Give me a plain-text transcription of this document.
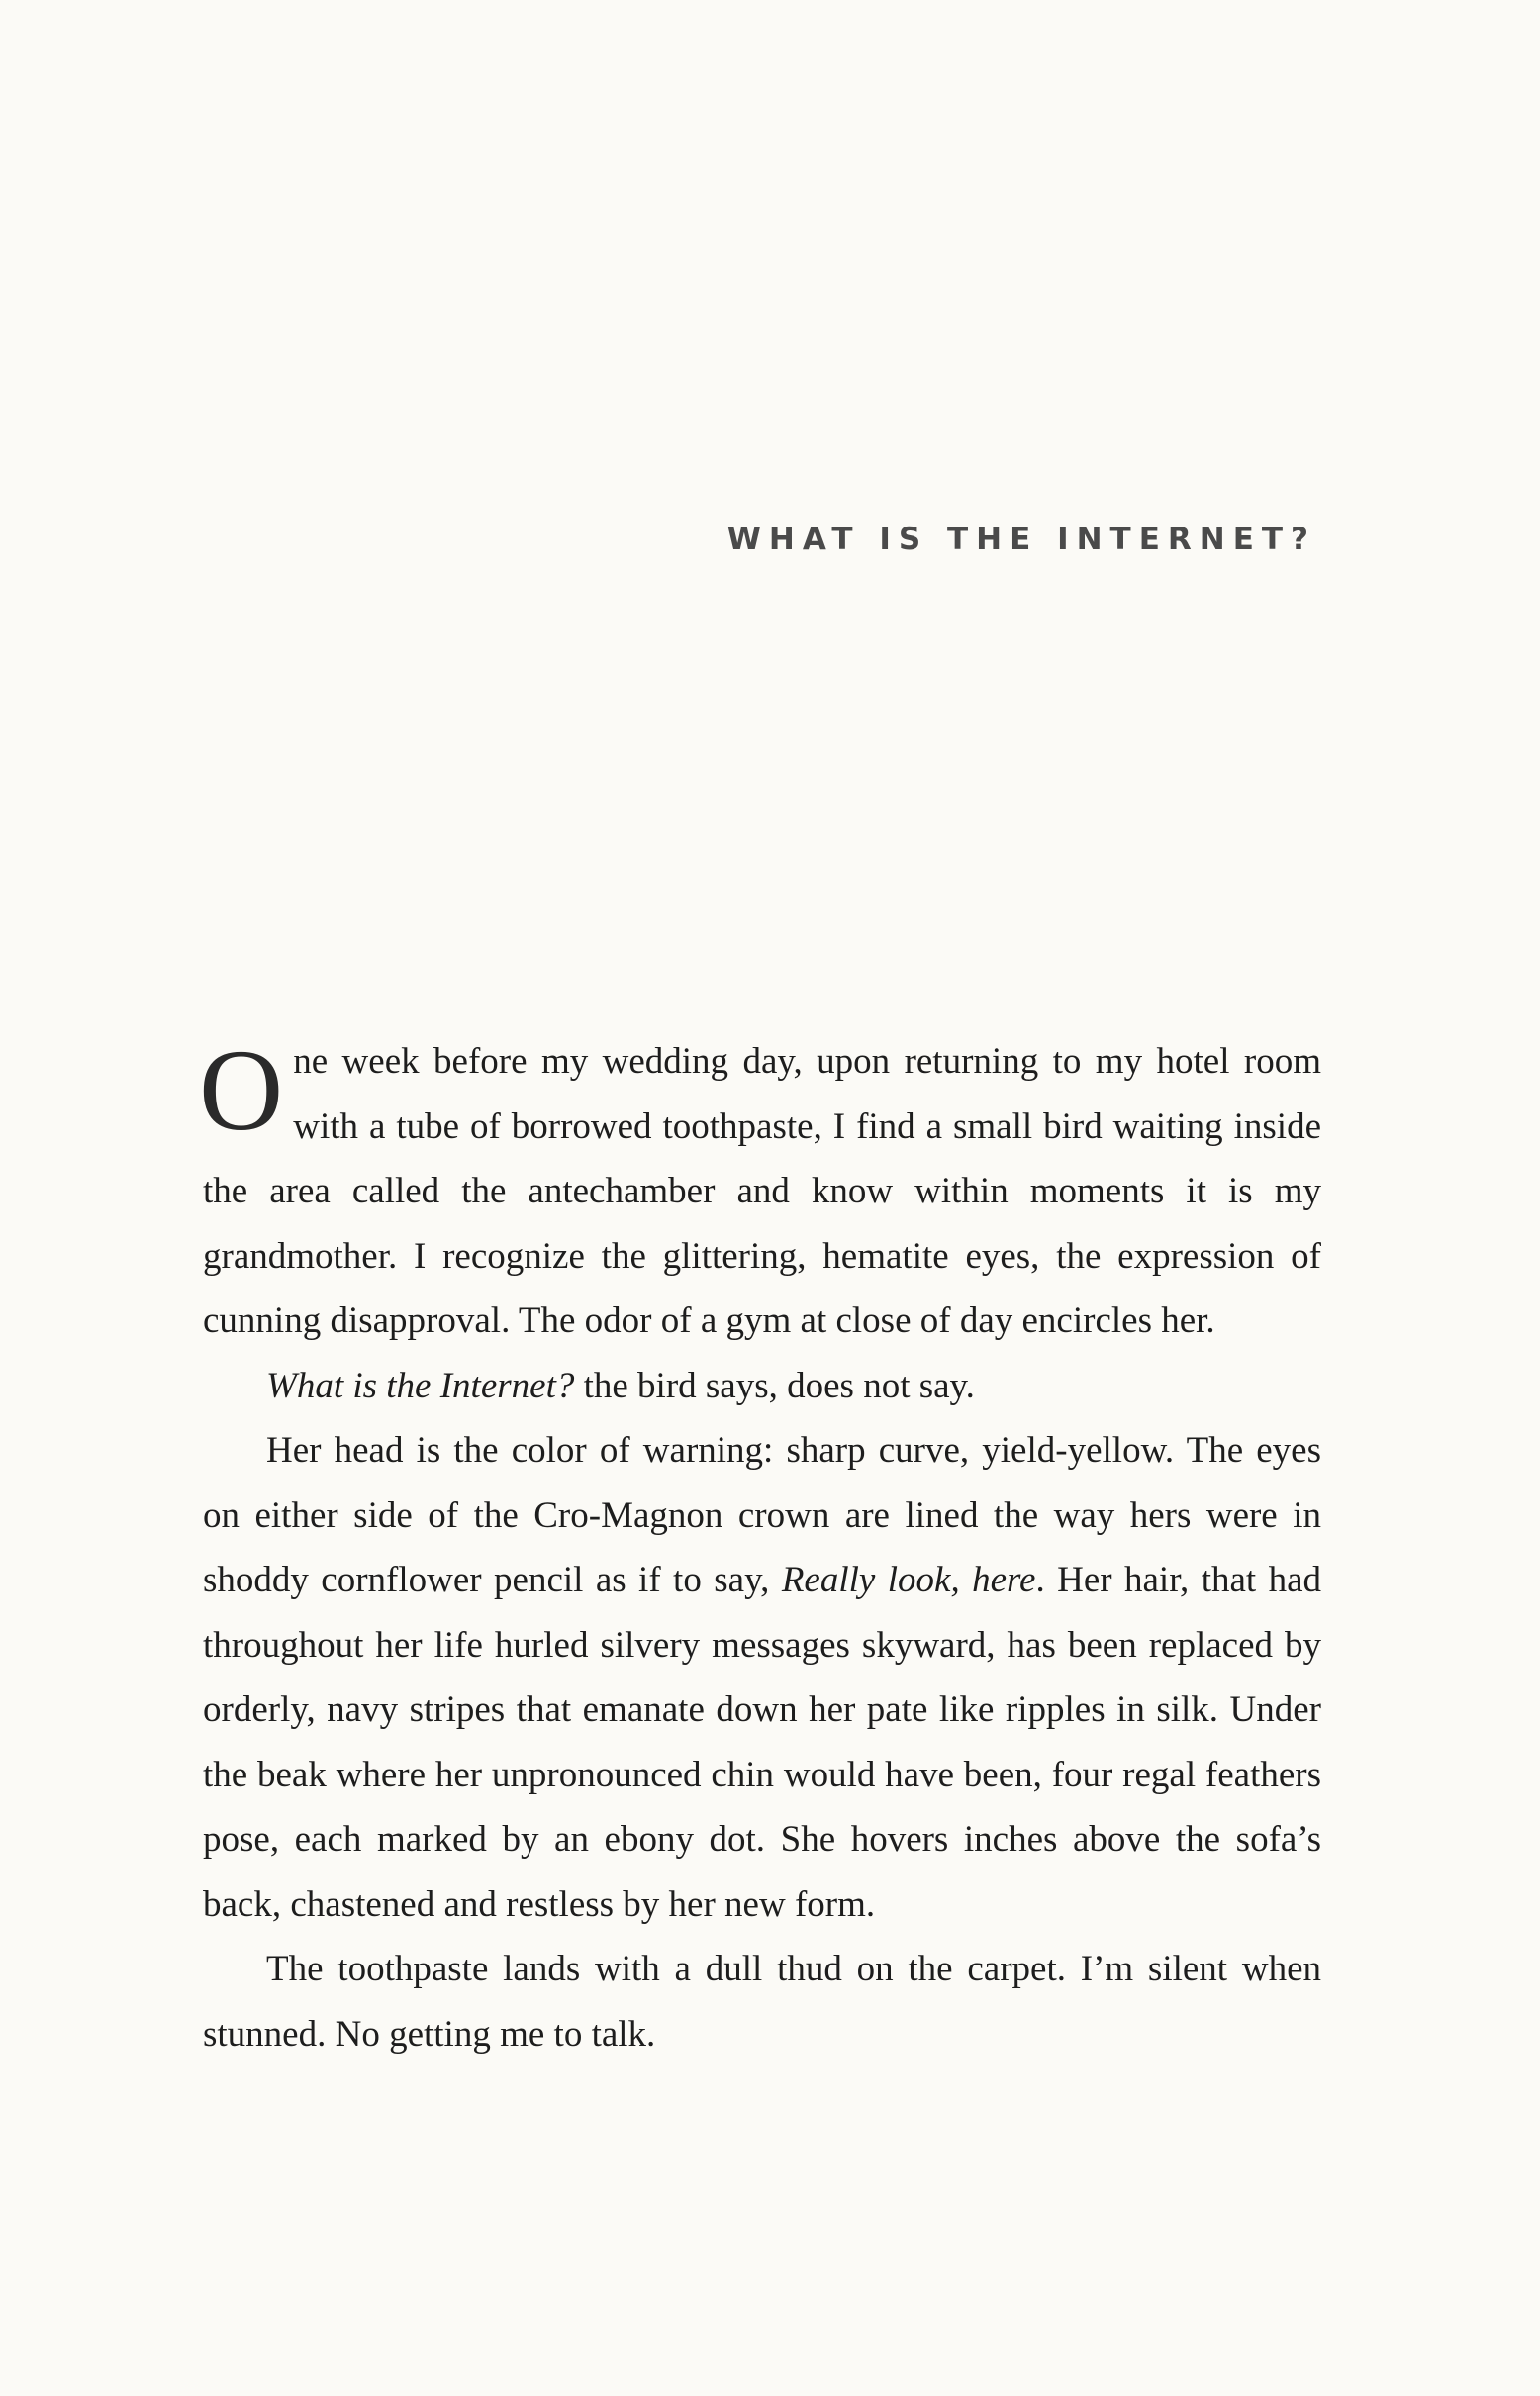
WHAT IS THE INTERNET?

One week before my wedding day, upon returning to my hotel room with a tube of borrowed toothpaste, I find a small bird waiting inside the area called the antechamber and know within moments it is my grandmother. I recognize the glittering, hematite eyes, the expression of cunning disapproval. The odor of a gym at close of day encircles her.

What is the Internet? the bird says, does not say.

Her head is the color of warning: sharp curve, yield-yellow. The eyes on either side of the Cro-Magnon crown are lined the way hers were in shoddy cornflower pencil as if to say, Really look, here. Her hair, that had throughout her life hurled silvery messages skyward, has been replaced by orderly, navy stripes that emanate down her pate like ripples in silk. Under the beak where her unpronounced chin would have been, four regal feathers pose, each marked by an ebony dot. She hovers inches above the sofa’s back, chastened and restless by her new form.

The toothpaste lands with a dull thud on the carpet. I’m silent when stunned. No getting me to talk.
